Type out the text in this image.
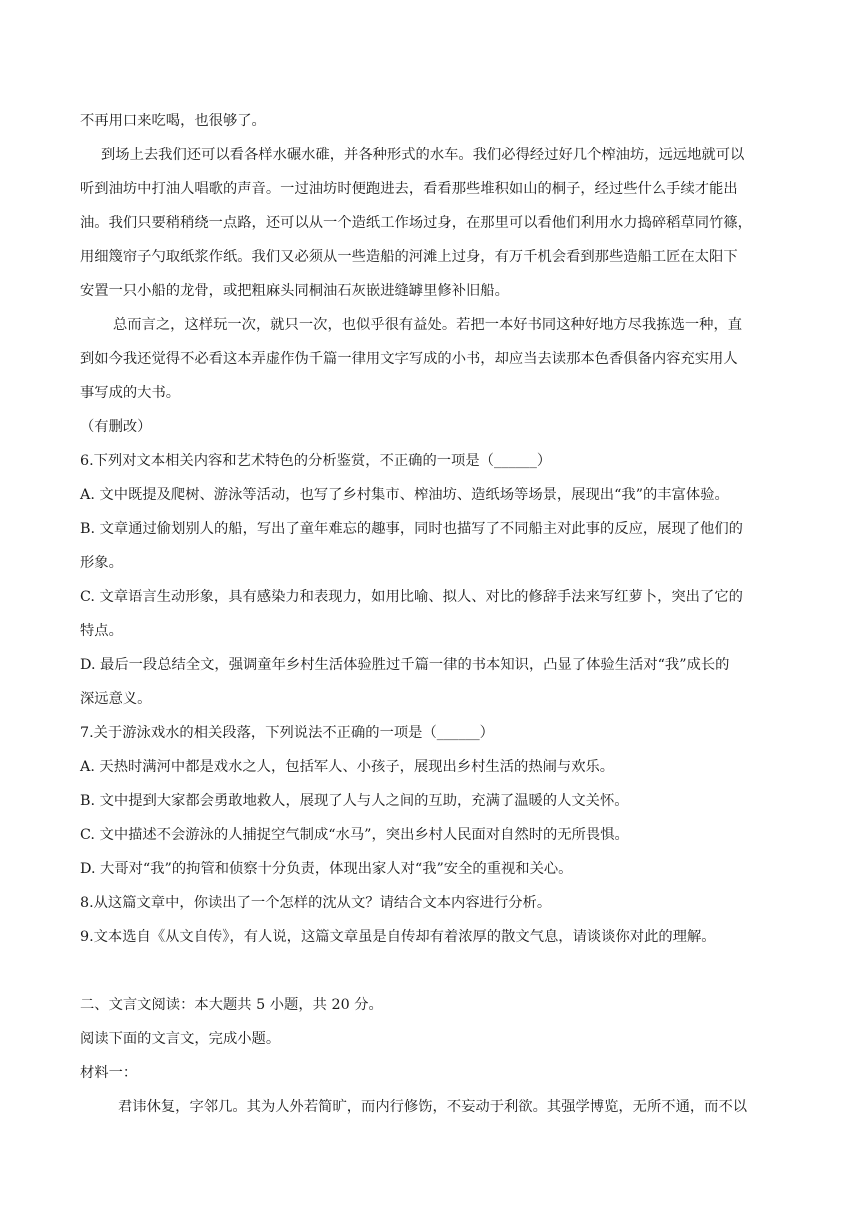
不再用口来吃喝，也很够了。
到场上去我们还可以看各样水碾水碓，并各种形式的水车。我们必得经过好几个榨油坊，远远地就可以
听到油坊中打油人唱歌的声音。一过油坊时便跑进去，看看那些堆积如山的桐子，经过些什么手续才能出
油。我们只要稍稍绕一点路，还可以从一个造纸工作场过身，在那里可以看他们利用水力捣碎稻草同竹篠，
用细篾帘子勺取纸浆作纸。我们又必须从一些造船的河滩上过身，有万千机会看到那些造船工匠在太阳下
安置一只小船的龙骨，或把粗麻头同桐油石灰嵌进缝罅里修补旧船。
总而言之，这样玩一次，就只一次，也似乎很有益处。若把一本好书同这种好地方尽我拣选一种，直
到如今我还觉得不必看这本弄虚作伪千篇一律用文字写成的小书，却应当去读那本色香俱备内容充实用人
事写成的大书。
（有删改）
6.下列对文本相关内容和艺术特色的分析鉴赏，不正确的一项是（______）
A. 文中既提及爬树、游泳等活动，也写了乡村集市、榨油坊、造纸场等场景，展现出“我”的丰富体验。
B. 文章通过偷划别人的船，写出了童年难忘的趣事，同时也描写了不同船主对此事的反应，展现了他们的
形象。
C. 文章语言生动形象，具有感染力和表现力，如用比喻、拟人、对比的修辞手法来写红萝卜，突出了它的
特点。
D. 最后一段总结全文，强调童年乡村生活体验胜过千篇一律的书本知识，凸显了体验生活对“我”成长的
深远意义。
7.关于游泳戏水的相关段落，下列说法不正确的一项是（______）
A. 天热时满河中都是戏水之人，包括军人、小孩子，展现出乡村生活的热闹与欢乐。
B. 文中提到大家都会勇敢地救人，展现了人与人之间的互助，充满了温暖的人文关怀。
C. 文中描述不会游泳的人捕捉空气制成“水马”，突出乡村人民面对自然时的无所畏惧。
D. 大哥对“我”的拘管和侦察十分负责，体现出家人对“我”安全的重视和关心。
8.从这篇文章中，你读出了一个怎样的沈从文？请结合文本内容进行分析。
9.文本选自《从文自传》，有人说，这篇文章虽是自传却有着浓厚的散文气息，请谈谈你对此的理解。
二、文言文阅读：本大题共 5 小题，共 20 分。
阅读下面的文言文，完成小题。
材料一：
君讳休复，字邻几。其为人外若简旷，而内行修饬，不妄动于利欲。其强学博览，无所不通，而不以
